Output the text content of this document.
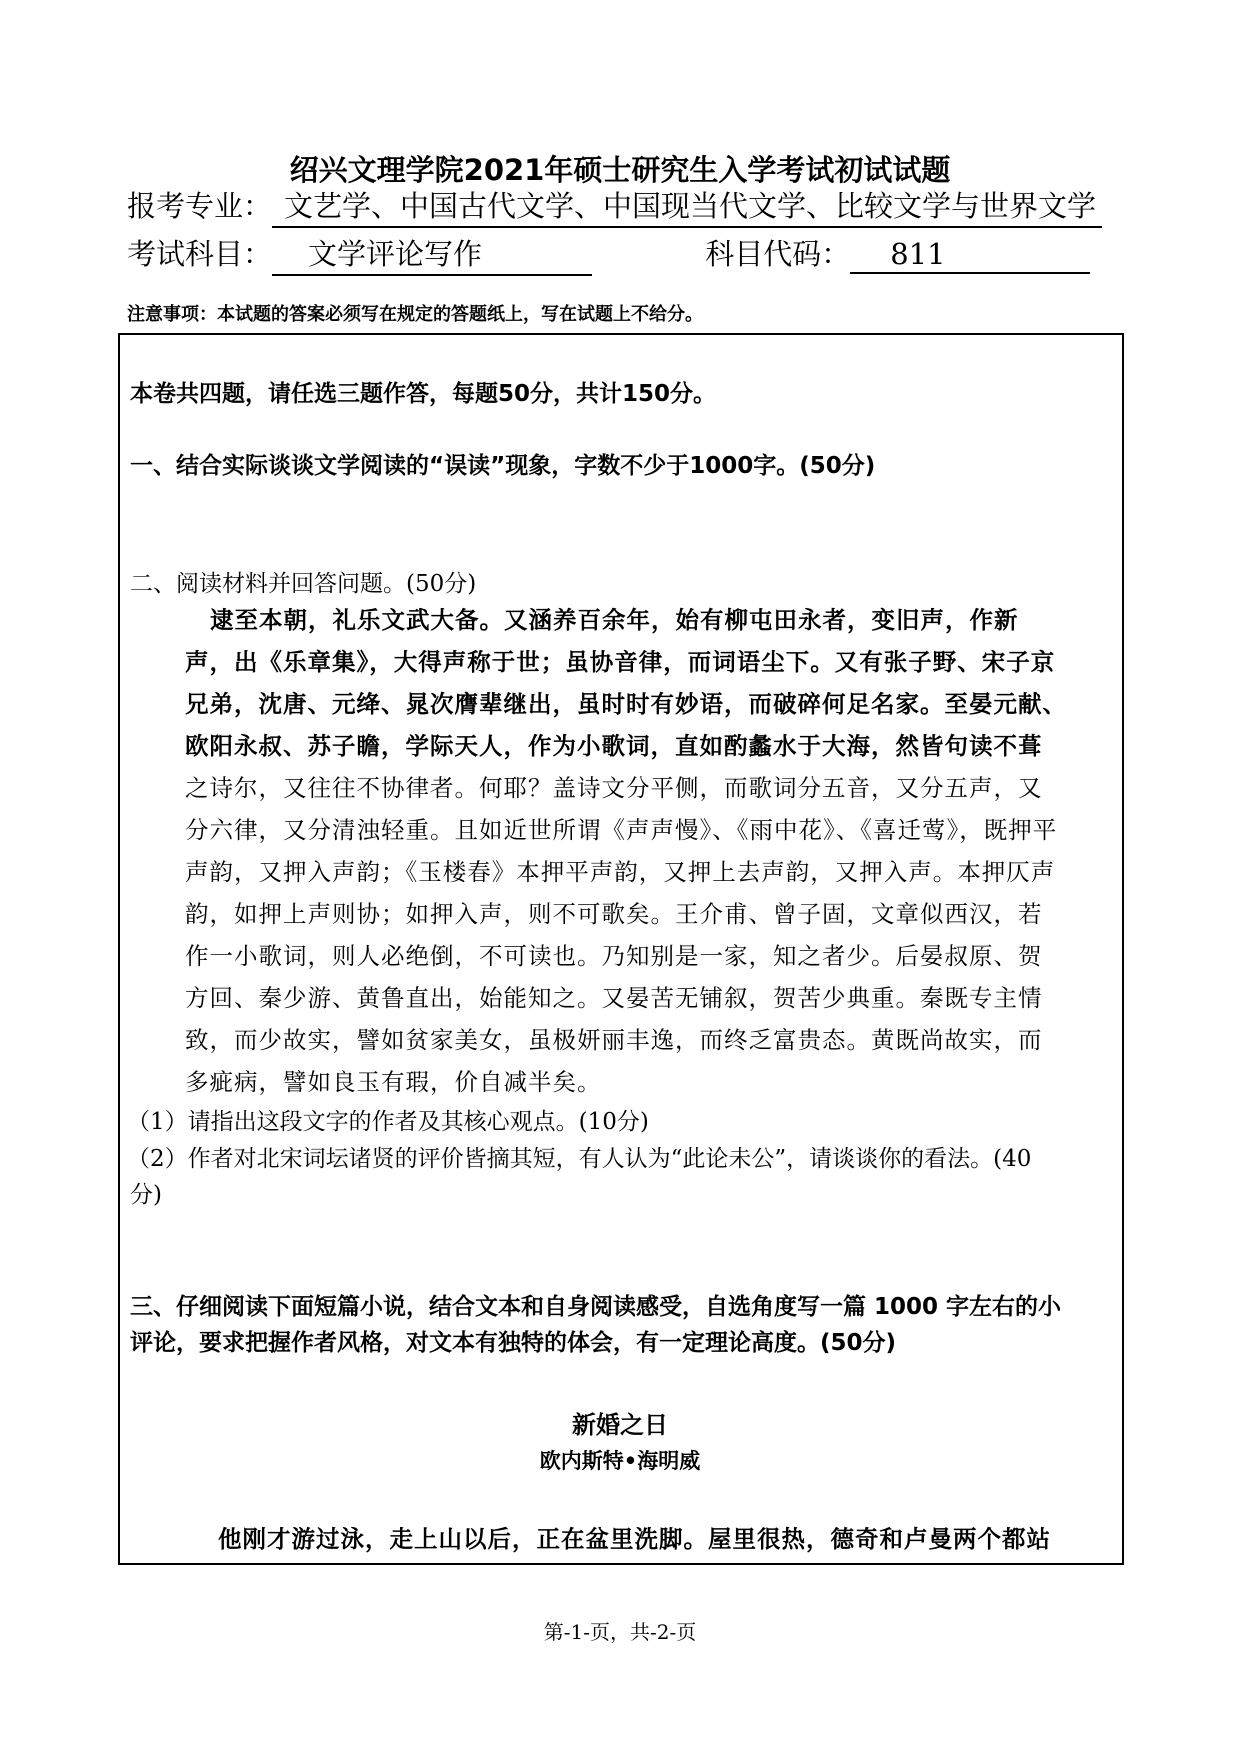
绍兴文理学院2021年硕士研究生入学考试初试试题
报考专业： 文艺学、中国古代文学、中国现当代文学、比较文学与世界文学
考试科目： 文学评论写作	科目代码： 811
注意事项：本试题的答案必须写在规定的答题纸上，写在试题上不给分。
本卷共四题，请任选三题作答，每题50分，共计150分。
一、结合实际谈谈文学阅读的“误读”现象，字数不少于1000字。(50分)
二、阅读材料并回答问题。(50分)
逮至本朝，礼乐文武大备。又涵养百余年，始有柳屯田永者，变旧声，作新
声，出《乐章集》，大得声称于世；虽协音律，而词语尘下。又有张子野、宋子京
兄弟，沈唐、元绛、晁次膺辈继出，虽时时有妙语，而破碎何足名家。至晏元献、
欧阳永叔、苏子瞻，学际天人，作为小歌词，直如酌蠡水于大海，然皆句读不葺
之诗尔，又往往不协律者。何耶？盖诗文分平侧，而歌词分五音，又分五声，又
分六律，又分清浊轻重。且如近世所谓《声声慢》、《雨中花》、《喜迁莺》，既押平
声韵，又押入声韵；《玉楼春》本押平声韵，又押上去声韵，又押入声。本押仄声
韵，如押上声则协；如押入声，则不可歌矣。王介甫、曾子固，文章似西汉，若
作一小歌词，则人必绝倒，不可读也。乃知别是一家，知之者少。后晏叔原、贺
方回、秦少游、黄鲁直出，始能知之。又晏苦无铺叙，贺苦少典重。秦既专主情
致，而少故实，譬如贫家美女，虽极妍丽丰逸，而终乏富贵态。黄既尚故实，而
多疵病，譬如良玉有瑕，价自减半矣。
（1）请指出这段文字的作者及其核心观点。(10分)
（2）作者对北宋词坛诸贤的评价皆摘其短，有人认为“此论未公”，请谈谈你的看法。(40
分)
三、仔细阅读下面短篇小说，结合文本和自身阅读感受，自选角度写一篇 1000 字左右的小
评论，要求把握作者风格，对文本有独特的体会，有一定理论高度。(50分)
新婚之日
欧内斯特•海明威
他刚才游过泳，走上山以后，正在盆里洗脚。屋里很热，德奇和卢曼两个都站
第-1-页，共-2-页
